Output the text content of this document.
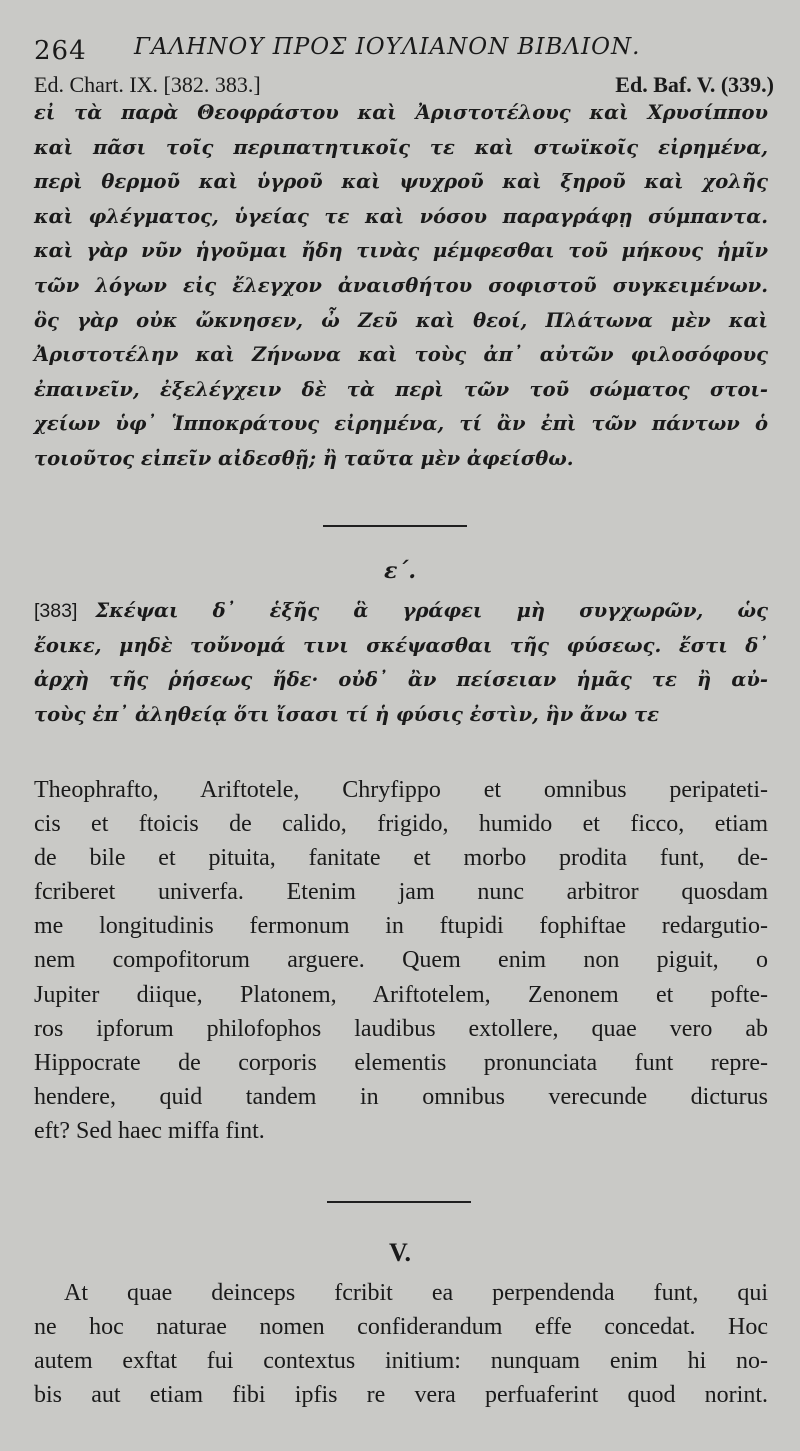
264 ΓΑΛΗΝΟΥ ΠΡΟΣ ΙΟΥΛΙΑΝΟΝ ΒΙΒΛΙΟΝ.
Ed. Chart. IX. [382. 383.]	Ed. Baf. V. (339.)
εἰ τὰ παρὰ Θεοφράστου καὶ Ἀριστοτέλους καὶ Χρυσίππου
καὶ πᾶσι τοῖς περιπατητικοῖς τε καὶ στωϊκοῖς εἰρημένα,
περὶ θερμοῦ καὶ ὑγροῦ καὶ ψυχροῦ καὶ ξηροῦ καὶ χολῆς
καὶ φλέγματος, ὑγείας τε καὶ νόσου παραγράφῃ σύμπαντα.
καὶ γὰρ νῦν ἡγοῦμαι ἤδη τινὰς μέμφεσθαι τοῦ μήκους ἡμῖν
τῶν λόγων εἰς ἔλεγχον ἀναισθήτου σοφιστοῦ συγκειμένων.
ὃς γὰρ οὐκ ὤκνησεν, ὦ Ζεῦ καὶ θεοί, Πλάτωνα μὲν καὶ
Ἀριστοτέλην καὶ Ζήνωνα καὶ τοὺς ἀπ᾽ αὐτῶν φιλοσόφους
ἐπαινεῖν, ἐξελέγχειν δὲ τὰ περὶ τῶν τοῦ σώματος στοι-
χείων ὑφ᾽ Ἱπποκράτους εἰρημένα, τί ἂν ἐπὶ τῶν πάντων ὁ
τοιοῦτος εἰπεῖν αἰδεσθῇ; ἢ ταῦτα μὲν ἀφείσθω.
ε΄.
[383] Σκέψαι δ᾽ ἑξῆς ἃ γράφει μὴ συγχωρῶν, ὡς
ἔοικε, μηδὲ τοὔνομά τινι σκέψασθαι τῆς φύσεως. ἔστι δ᾽
ἀρχὴ τῆς ῥήσεως ἥδε· οὐδ᾽ ἂν πείσειαν ἡμᾶς τε ἢ αὐ-
τοὺς ἐπ᾽ ἀληθείᾳ ὅτι ἴσασι τί ἡ φύσις ἐστὶν, ἣν ἄνω τε
Theophrafto, Ariftotele, Chryfippo et omnibus peripateti-
cis et ftoicis de calido, frigido, humido et ficco, etiam
de bile et pituita, fanitate et morbo prodita funt, de-
fcriberet univerfa. Etenim jam nunc arbitror quosdam
me longitudinis fermonum in ftupidi fophiftae redargutio-
nem compofitorum arguere. Quem enim non piguit, o
Jupiter diique, Platonem, Ariftotelem, Zenonem et pofte-
ros ipforum philofophos laudibus extollere, quae vero ab
Hippocrate de corporis elementis pronunciata funt repre-
hendere, quid tandem in omnibus verecunde dicturus
eft? Sed haec miffa fint.
V.
At quae deinceps fcribit ea perpendenda funt, qui
ne hoc naturae nomen confiderandum effe concedat. Hoc
autem exftat fui contextus initium: nunquam enim hi no-
bis aut etiam fibi ipfis re vera perfuaferint quod norint.
